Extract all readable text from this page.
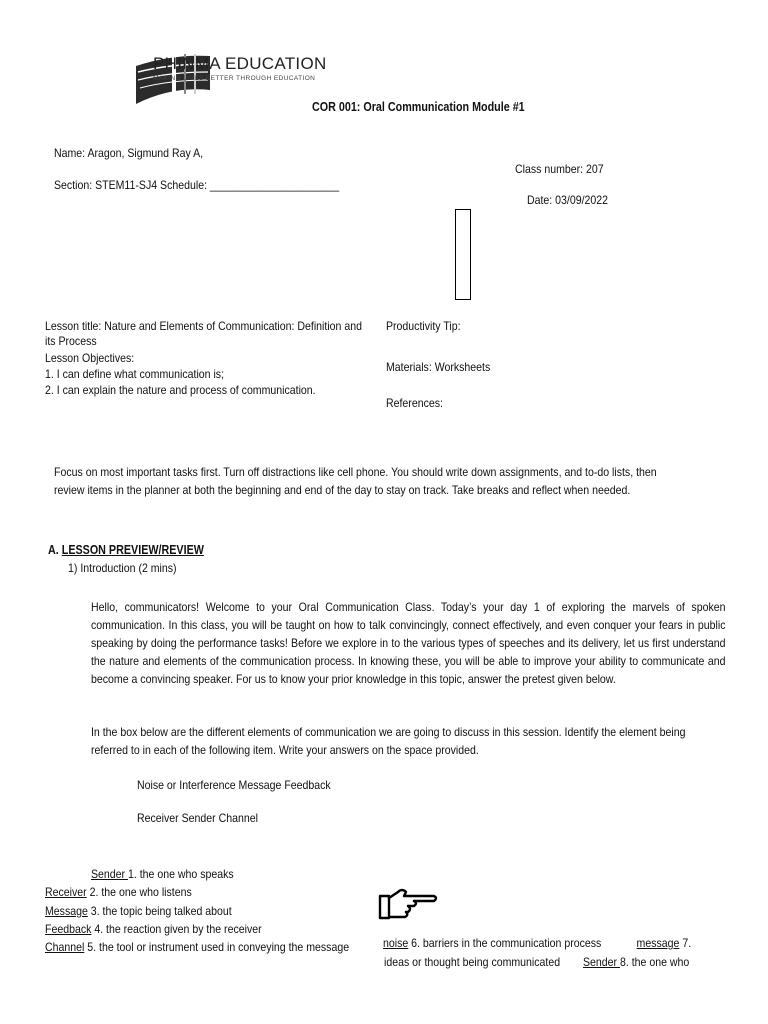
PHINMA EDUCATION
MAKING LIVES BETTER THROUGH EDUCATION
COR 001: Oral Communication Module #1
Name: Aragon, Sigmund Ray A,
Class number: 207
Section: STEM11-SJ4 Schedule: ______________________
Date: 03/09/2022
Lesson title: Nature and Elements of Communication: Definition and Productivity Tip:
its Process
Lesson Objectives:
Materials: Worksheets
1. I can define what communication is;
2. I can explain the nature and process of communication.
References:
Focus on most important tasks first. Turn off distractions like cell phone. You should write down assignments, and to-do lists, then review items in the planner at both the beginning and end of the day to stay on track. Take breaks and reflect when needed.
A. LESSON PREVIEW/REVIEW
1) Introduction (2 mins)
Hello, communicators! Welcome to your Oral Communication Class. Today’s your day 1 of exploring the marvels of spoken communication. In this class, you will be taught on how to talk convincingly, connect effectively, and even conquer your fears in public speaking by doing the performance tasks! Before we explore in to the various types of speeches and its delivery, let us first understand the nature and elements of the communication process. In knowing these, you will be able to improve your ability to communicate and become a convincing speaker. For us to know your prior knowledge in this topic, answer the pretest given below.
In the box below are the different elements of communication we are going to discuss in this session. Identify the element being referred to in each of the following item. Write your answers on the space provided.
Noise or Interference Message Feedback
Receiver Sender Channel
Sender 1. the one who speaks
Receiver 2. the one who listens
Message 3. the topic being talked about
Feedback 4. the reaction given by the receiver
Channel 5. the tool or instrument used in conveying the message	noise 6. barriers in the communication process	message 7.
ideas or thought being communicated Sender 8. the one who
